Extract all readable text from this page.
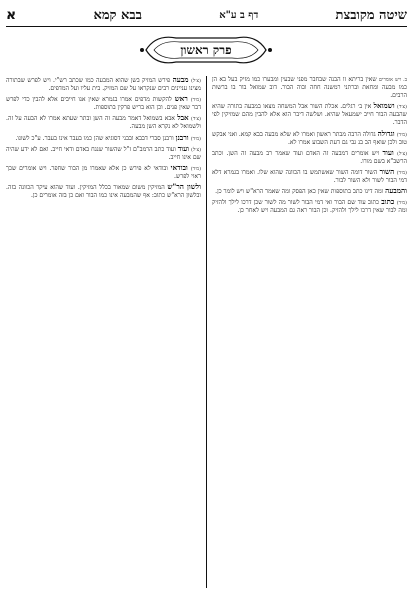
שיטה מקובצת
דף ב ע"א
בבא קמא
א
פרק ראשון
ב. ויש אומרים שאין בריתא זו הבנה שבחבר מפני שבעין ומבערו כמו מזיק בעל בא הן כמו מבעה ומחאת וברתני רמשנה חחה ובוה הבור. דוב שמואל בור בו ברשות הרבים.
(צ׳ד) ושמואל אין ב׳ רגלים. אכלת השור אבל המשחה מצאו במבעה בתורה שהיא שהבעה הבור חייב ישמעאל שהיא. ושלשה דיבר הוא אלא להבין מהם שמזיקין לפי הדבר.
(מ׳ד) וגדולה גדולה הרבה מבתר ראשון ואמרו לא שלא מבעה בבא קמא. ואני אבקש טוב ולכן שואף הב בנ גבי גם דעת השבוע אמרו לא.
(צ׳ל) ועוד ויש אומרים דמבעה זה האדם ועוד שאמר רב מבעה זה השן. וכתב הרשב"א בשם מורו.
(מ׳ד) השור השור דומה השור שאשתמש בו הכוונה שהוא שלו. ואמרו בגמרא דלא דמי הבור לשור ולא השור לבור.
והמבעה ומה דינו כתב בתוספות שאין כאן הפסק ומה שאמר הרא"ש ויש לומר כן.
(מ׳ד) כתוב כתוב עוד שם הבור ואי דמי הבור לשור מה לשור שכן דרכו לילך ולהזיק ומה לבור שאין דרכו לילך ולהזיק. וכן הבור ראה גם המבעה ויש לאחר כן.
(צ׳ל) מבעה פירש המזיק בשן שהוא המבעה כמו שכתב רש"י. ויש לפרש שבתורה מצינו עניינים רבים שנקראו על שם המזיק. בית עליו ועל המדפים.
(מ׳ד) ראש להקשות מדפים אמרו בגמרא שאין אנו חייבים אלא להבין כדי לפרש דבר שאין פנים. וכן הוא בריש פרקין בתוספות.
(צ׳ד) אבל אבא בשמואל דאמר מבעה זה השן ובתר שעתא אמרו לא הבעה על זה. ולשמואל לא נקרא השן מבעה.
(מ׳ד) ורבנן ורבנן סברי דבבא ובבני דסוגיא שהן כמו בעבר אינו בעבר. ע"כ לשונו.
(צ׳ל) ועוד ועוד כתב הרמב"ם ז"ל שהשור שנגח באדם ודאי חייב. ואם לא ידע שהיה שם אינו חייב.
(מ׳ד) ובודאי ובודאי לא פירש כן אלא שאמרו מן הבור שחפר. ויש אומרים שכך ראוי לפרש.
ולשון הר"ש המזיקין משום שמאור בכלל המזיקין. ועוד שהוא עיקר הכוונה בזה. ובלשון הרא"ש כתוב: אף שהמבעה אינו כמו הבור ואם כן בזה אומרים כן.
